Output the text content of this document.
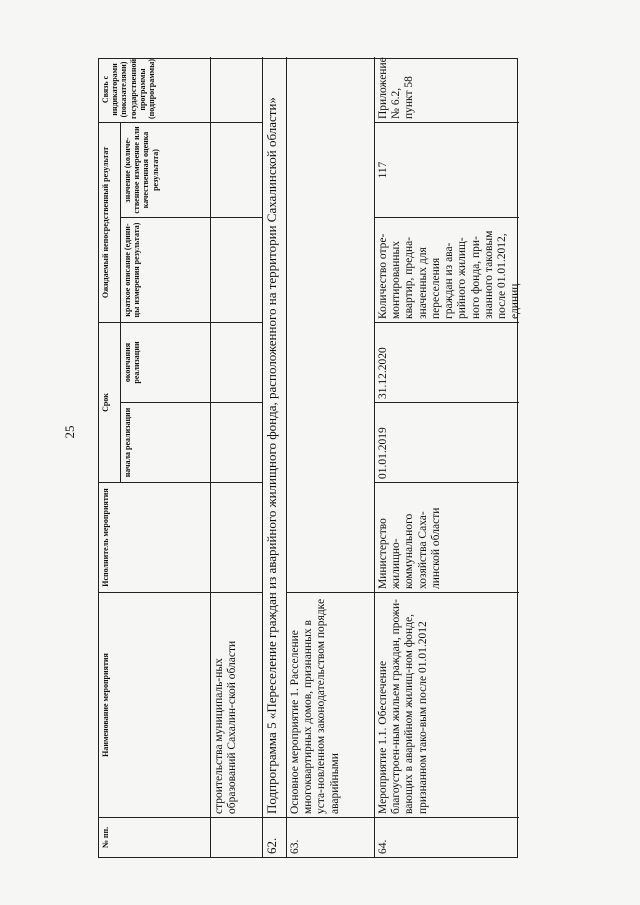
25
№ пп.
Наименование мероприятия
Исполнитель мероприятия
Срок
начала реализации
окончания реализации
Ожидаемый непосредственный результат	краткое описание (едини-цы измерения результата)
значение (количе-ственное измерение или качественная оценка результата)
Связь с индикаторами (показателями) государственной программы (подпрограммы)
строительства муниципаль-ных образований Сахалин-ской области
62.
Подпрограмма 5 «Переселение граждан из аварийного жилищного фонда, расположенного на территории Сахалинской области»
63.
Основное мероприятие 1. Расселение многоквартирных домов, признанных в уста-новленном законодательством порядке аварийными
64.
Мероприятие 1.1. Обеспечение благоустроен-ным жильем граждан, прожи-вающих в аварийном жилищ-ном фонде, признанном тако-вым после 01.01.2012
Министерство жилищно-коммунального хозяйства Саха-линской области
01.01.2019
31.12.2020
Количество отре-монтированных квартир, предна-значенных для переселения граждан из ава-рийного жилищ-ного фонда, при-знанного таковым после 01.01.2012, единиц
117
Приложение № 6.2, пункт 58
